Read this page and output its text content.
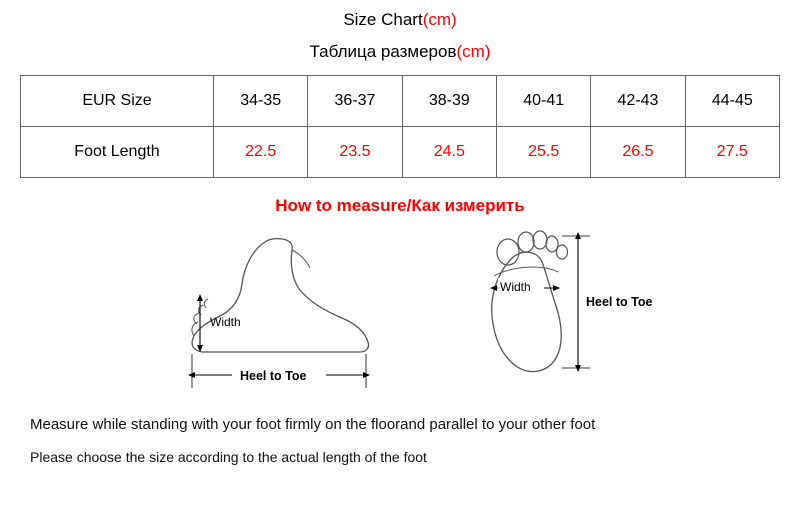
Size Chart(cm)
Таблица размеров(cm)
EUR Size	34-35	36-37	38-39	40-41	42-43	44-45
Foot Length	22.5	23.5	24.5	25.5	26.5	27.5
How to measure/Как измерить
Width
Heel to Toe
Width
Heel to Toe
Measure while standing with your foot firmly on the floorand parallel to your other foot
Please choose the size according to the actual length of the foot
